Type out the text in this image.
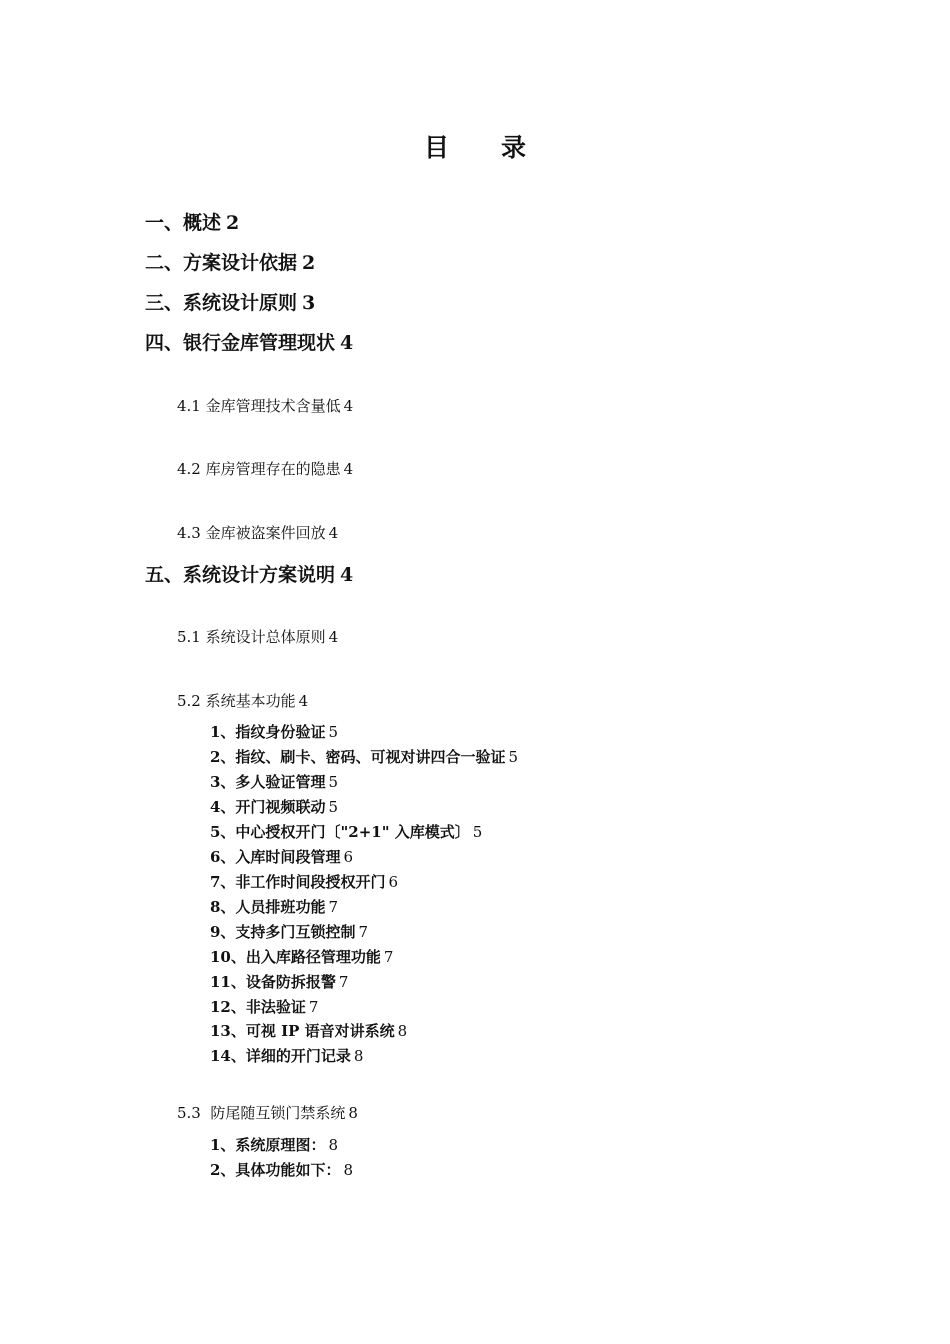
目 录
一、概述 2
二、方案设计依据 2
三、系统设计原则 3
四、银行金库管理现状 4
4.1 金库管理技术含量低 4
4.2 库房管理存在的隐患 4
4.3 金库被盗案件回放 4
五、系统设计方案说明 4
5.1 系统设计总体原则 4
5.2 系统基本功能 4
1、指纹身份验证 5
2、指纹、刷卡、密码、可视对讲四合一验证 5
3、多人验证管理 5
4、开门视频联动 5
5、中心授权开门〔"2+1" 入库模式〕 5
6、入库时间段管理 6
7、非工作时间段授权开门 6
8、人员排班功能 7
9、支持多门互锁控制 7
10、出入库路径管理功能 7
11、设备防拆报警 7
12、非法验证 7
13、可视 IP 语音对讲系统 8
14、详细的开门记录 8
5.3  防尾随互锁门禁系统 8
1、系统原理图： 8
2、具体功能如下： 8
